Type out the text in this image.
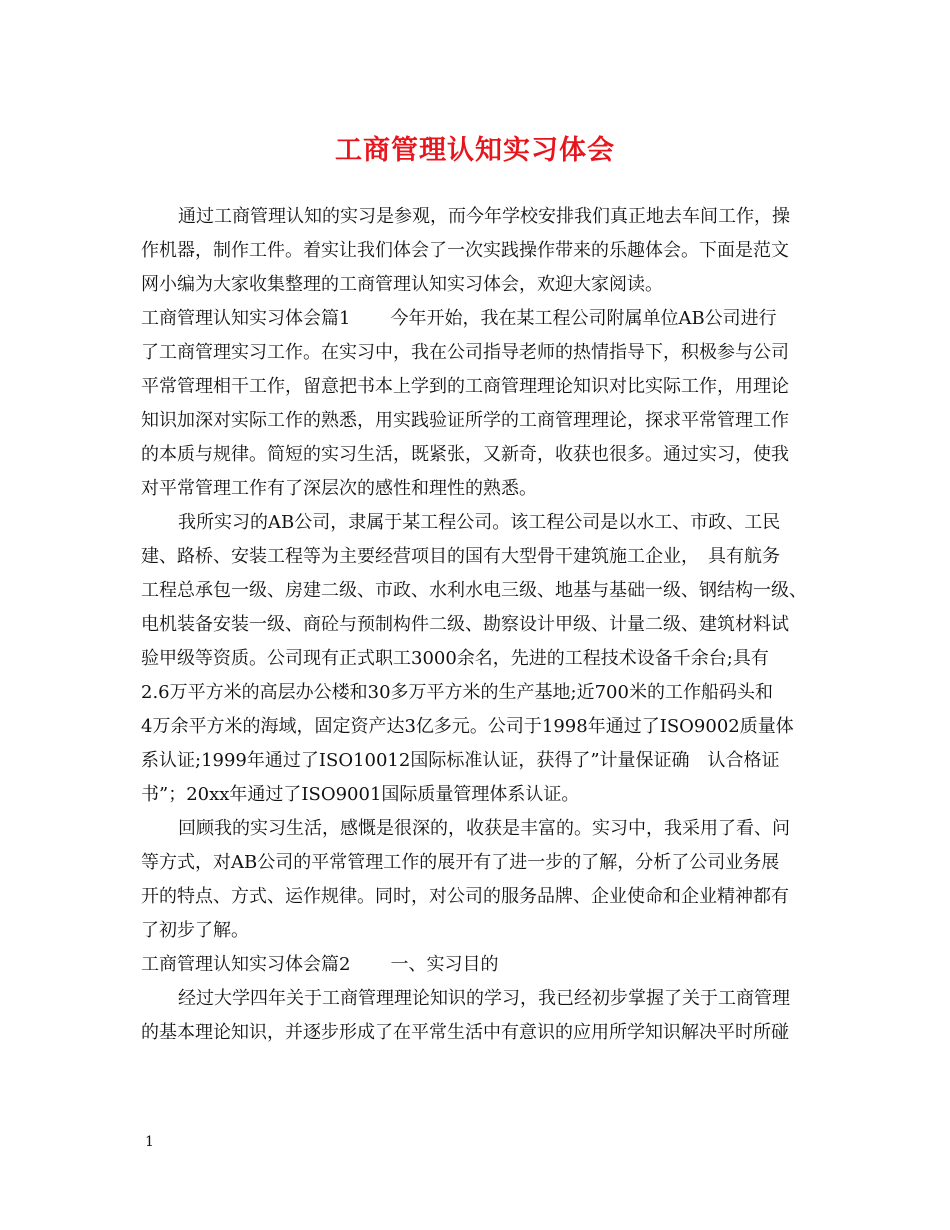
工商管理认知实习体会
通过工商管理认知的实习是参观，而今年学校安排我们真正地去车间工作，操
作机器，制作工件。着实让我们体会了一次实践操作带来的乐趣体会。下面是范文
网小编为大家收集整理的工商管理认知实习体会，欢迎大家阅读。
工商管理认知实习体会篇1 今年开始，我在某工程公司附属单位AB公司进行
了工商管理实习工作。在实习中，我在公司指导老师的热情指导下，积极参与公司
平常管理相干工作，留意把书本上学到的工商管理理论知识对比实际工作，用理论
知识加深对实际工作的熟悉，用实践验证所学的工商管理理论，探求平常管理工作
的本质与规律。简短的实习生活，既紧张，又新奇，收获也很多。通过实习，使我
对平常管理工作有了深层次的感性和理性的熟悉。
我所实习的AB公司，隶属于某工程公司。该工程公司是以水工、市政、工民
建、路桥、安装工程等为主要经营项目的国有大型骨干建筑施工企业，　具有航务
工程总承包一级、房建二级、市政、水利水电三级、地基与基础一级、钢结构一级、
电机装备安装一级、商砼与预制构件二级、勘察设计甲级、计量二级、建筑材料试
验甲级等资质。公司现有正式职工3000余名，先进的工程技术设备千余台;具有
2.6万平方米的高层办公楼和30多万平方米的生产基地;近700米的工作船码头和
4万余平方米的海域，固定资产达3亿多元。公司于1998年通过了ISO9002质量体
系认证;1999年通过了ISO10012国际标准认证，获得了”计量保证确　认合格证
书”；20xx年通过了ISO9001国际质量管理体系认证。
回顾我的实习生活，感慨是很深的，收获是丰富的。实习中，我采用了看、问
等方式，对AB公司的平常管理工作的展开有了进一步的了解，分析了公司业务展
开的特点、方式、运作规律。同时，对公司的服务品牌、企业使命和企业精神都有
了初步了解。
工商管理认知实习体会篇2 一、实习目的
经过大学四年关于工商管理理论知识的学习，我已经初步掌握了关于工商管理
的基本理论知识，并逐步形成了在平常生活中有意识的应用所学知识解决平时所碰
1
